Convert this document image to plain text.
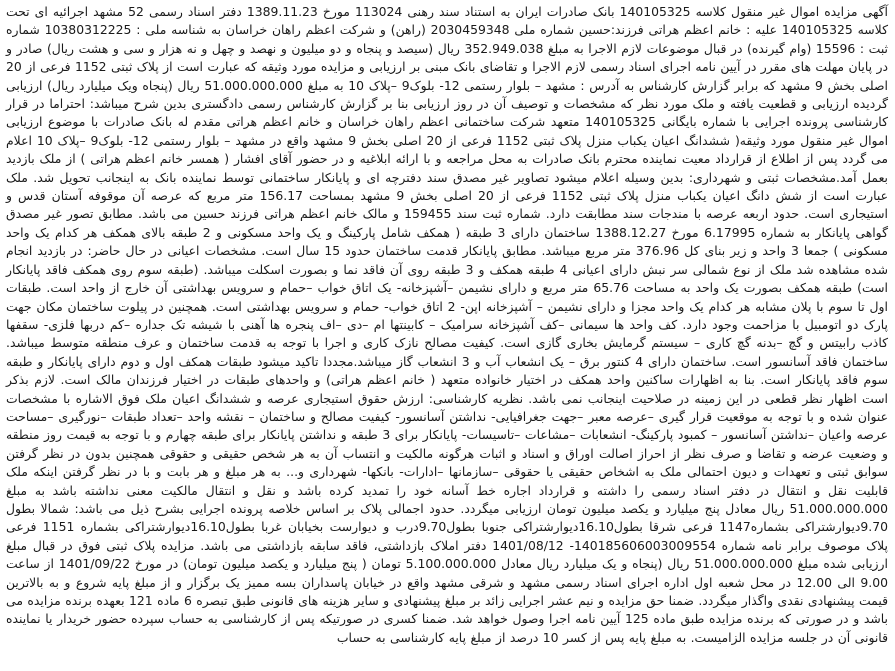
آگهی مزایده اموال غیر منقول کلاسه 140105325 بانک صادرات ایران به استناد سند رهنی 113024 مورخ 1389.11.23 دفتر اسناد رسمی 52 مشهد اجرائیه ای تحت کلاسه 140105325 علیه : خانم اعظم هراتی فرزند:حسین شماره ملی 2030459348 (راهن) و شرکت اعظم راهان خراسان به شناسه ملی : 10380312225 شماره ثبت : 15596 (وام گیرنده) در قبال موضوعات لازم الاجرا به مبلغ 352.949.038 ریال (سیصد و پنجاه و دو میلیون و نهصد و چهل و نه هزار و سی و هشت ریال) صادر و در پایان مهلت های مقرر در آیین نامه اجرای اسناد رسمی لازم الاجرا و تقاضای بانک مبنی بر ارزیابی و مزایده مورد وثیقه که عبارت است از پلاک ثبتی 1152 فرعی از 20 اصلی بخش 9 مشهد که برابر گزارش کارشناس به آدرس : مشهد – بلوار رستمی 12- بلوک9 –پلاک 10 به مبلغ 51.000.000.000 ریال (پنجاه ویک میلیارد ریال) ارزیابی گردیده ارزیابی و قطعیت یافته و ملک مورد نظر که مشخصات و توصیف آن در روز ارزیابی بنا بر گزارش کارشناس رسمی دادگستری بدین شرح میباشد: احتراما در قرار کارشناسی پرونده اجرایی با شماره بایگانی 140105325 متعهد شرکت ساختمانی اعظم راهان خراسان و خانم اعظم هراتی مقدم له بانک صادرات با موضوع ارزیابی اموال غیر منقول مورد وثیقه( ششدانگ اعیان یکباب منزل پلاک ثبتی 1152 فرعی از 20 اصلی بخش 9 مشهد واقع در مشهد – بلوار رستمی 12- بلوک9 –پلاک 10 اعلام می گردد پس از اطلاع از قرارداد معیت نماینده محترم بانک صادرات به محل مراجعه و با ارائه ابلاغیه و در حضور آقای افشار ( همسر خانم اعظم هراتی ) از ملک بازدید بعمل آمد.مشخصات ثبتی و شهرداری: بدین وسیله اعلام میشود تصاویر غیر مصدق سند دفترچه ای و پایانکار ساختمانی توسط نماینده بانک به اینجانب تحویل شد. ملک عبارت است از شش دانگ اعیان یکباب منزل پلاک ثبتی 1152 فرعی از 20 اصلی بخش 9 مشهد بمساحت 156.17 متر مربع که عرصه آن موقوفه آستان قدس و استیجاری است. حدود اربعه عرصه با مندجات سند مطابقت دارد. شماره ثبت سند 159455 و مالک خانم اعظم هراتی فرزند حسین می باشد. مطابق تصور غیر مصدق گواهی پایانکار به شماره 6.17995 مورخ 1388.12.27 ساختمان دارای 3 طبقه ( همکف شامل پارکینگ و یک واحد مسکونی و 2 طبقه بالای همکف هر کدام یک واحد مسکونی ) جمعا 3 واحد و زیر بنای کل 376.96 متر مربع میباشد. مطابق پایانکار قدمت ساختمان حدود 15 سال است. مشخصات اعیانی در حال حاضر: در بازدید انجام شده مشاهده شد ملک از نوع شمالی سر نبش دارای اعیانی 4 طبقه همکف و 3 طبقه روی آن فاقد نما و بصورت اسکلت میباشد. (طبقه سوم روی همکف فاقد پایانکار است) طبقه همکف بصورت یک واحد به مساحت 65.76 متر مربع و دارای نشیمن –آشپزخانه- یک اتاق خواب –حمام و سرویس بهداشتی آن خارج از واحد است. طبقات اول تا سوم با پلان مشابه هر کدام یک واحد مجزا و دارای نشیمن – آشپزخانه اپن- 2 اتاق خواب- حمام و سرویس بهداشتی است. همچنین در پیلوت ساختمان مکان جهت پارک دو اتومبیل با مزاحمت وجود دارد. کف واحد ها سیمانی –کف آشپزخانه سرامیک – کابینتها ام –دی –اف پنجره ها آهنی با شیشه تک جداره –کم دربها فلزی- سقفها کاذب رابیتس و گچ –بدنه گچ کاری – سیستم گرمایش بخاری گازی است. کیفیت مصالح نازک کاری و اجرا با توجه به قدمت ساختمان و عرف منطقه متوسط میباشد. ساختمان فاقد آسانسور است. ساختمان دارای 4 کنتور برق – یک انشعاب آب و 3 انشعاب گاز میباشد.مجددا تاکید میشود طبقات همکف اول و دوم دارای پایانکار و طبقه سوم فاقد پایانکار است. بنا به اظهارات ساکنین واحد همکف در اختیار خانواده متعهد ( خانم اعظم هراتی) و واحدهای طبقات در اختیار فرزندان مالک است. لازم بذکر است اظهار نظر قطعی در این زمینه در صلاحیت اینجانب نمی باشد. نظریه کارشناسی: ارزش حقوق استیجاری عرصه و ششدانگ اعیان ملک فوق الاشاره با مشخصات عنوان شده و با توجه به موقعیت قرار گیری –عرصه معبر –جهت جغرافیایی- نداشتن آسانسور- کیفیت مصالح و ساختمان – نقشه واحد –تعداد طبقات –نورگیری –مساحت عرصه واعیان –نداشتن آسانسور – کمبود پارکینگ- انشعابات –مشاعات –تاسیسات- پایانکار برای 3 طبقه و نداشتن پایانکار برای طبقه چهارم و با توجه به قیمت روز منطقه و وضعیت عرضه و تقاضا و صرف نظر از احراز اصالت اوراق و اسناد و اثبات هرگونه مالکیت و انتساب آن به هر شخص حقیقی و حقوقی همچنین بدون در نظر گرفتن سوابق ثبتی و تعهدات و دیون احتمالی ملک به اشخاص حقیقی یا حقوقی –سازمانها –ادارات- بانکها- شهرداری و... به هر مبلغ و هر بابت و با در نظر گرفتن اینکه ملک قابلیت نقل و انتقال در دفتر اسناد رسمی را داشته و قرارداد اجاره خط آسانه خود را تمدید کرده باشد و نقل و انتقال مالکیت معنی نداشته باشد به مبلغ 51.000.000.000 ریال معادل پنج میلیارد و یکصد میلیون تومان ارزیابی میگردد. حدود اجمالی پلاک بر اساس خلاصه پرونده اجرایی بشرح ذیل می باشد: شمالا بطول 9.70دیوارشتراکی بشماره1147 فرعی شرقا بطول16.10دیوارشتراکی جنوبا بطول9.70درب و دیوارست بخیابان غربا بطول16.10دیوارشتراکی بشماره 1151 فرعی پلاک موصوف برابر نامه شماره 140185606003009554- 1401/08/12 دفتر املاک بازداشتی، فاقد سابقه بازداشتی می باشد. مزایده پلاک ثبتی فوق در قبال مبلغ ارزیابی شده مبلغ 51.000.000.000 ریال (پنجاه و یک میلیارد ریال معادل 5.100.000.000 تومان ( پنج میلیارد و یکصد میلیون تومان) در مورخ 1401/09/22 از ساعت 9.00 الی 12.00 در محل شعبه اول اداره اجرای اسناد رسمی مشهد و شرقی مشهد واقع در خیابان پاسداران بسه ممیز یک برگزار و از مبلغ پایه شروع و به بالاترین قیمت پیشنهادی نقدی واگذار میگردد. ضمنا حق مزایده و نیم عشر اجرایی زائد بر مبلغ پیشنهادی و سایر هزینه های قانونی طبق تبصره 6 ماده 121 بعهده برنده مزایده می باشد و در صورتی که برنده مزایده طبق ماده 125 آیین نامه اجرا وصول خواهد شد. ضمنا کسری در صورتیکه پس از کارشناسی به حساب سپرده حضور خریدار یا نماینده قانونی آن در جلسه مزایده الزامیست. به مبلغ پایه پس از کسر 10 درصد از مبلغ پایه کارشناسی به حساب
